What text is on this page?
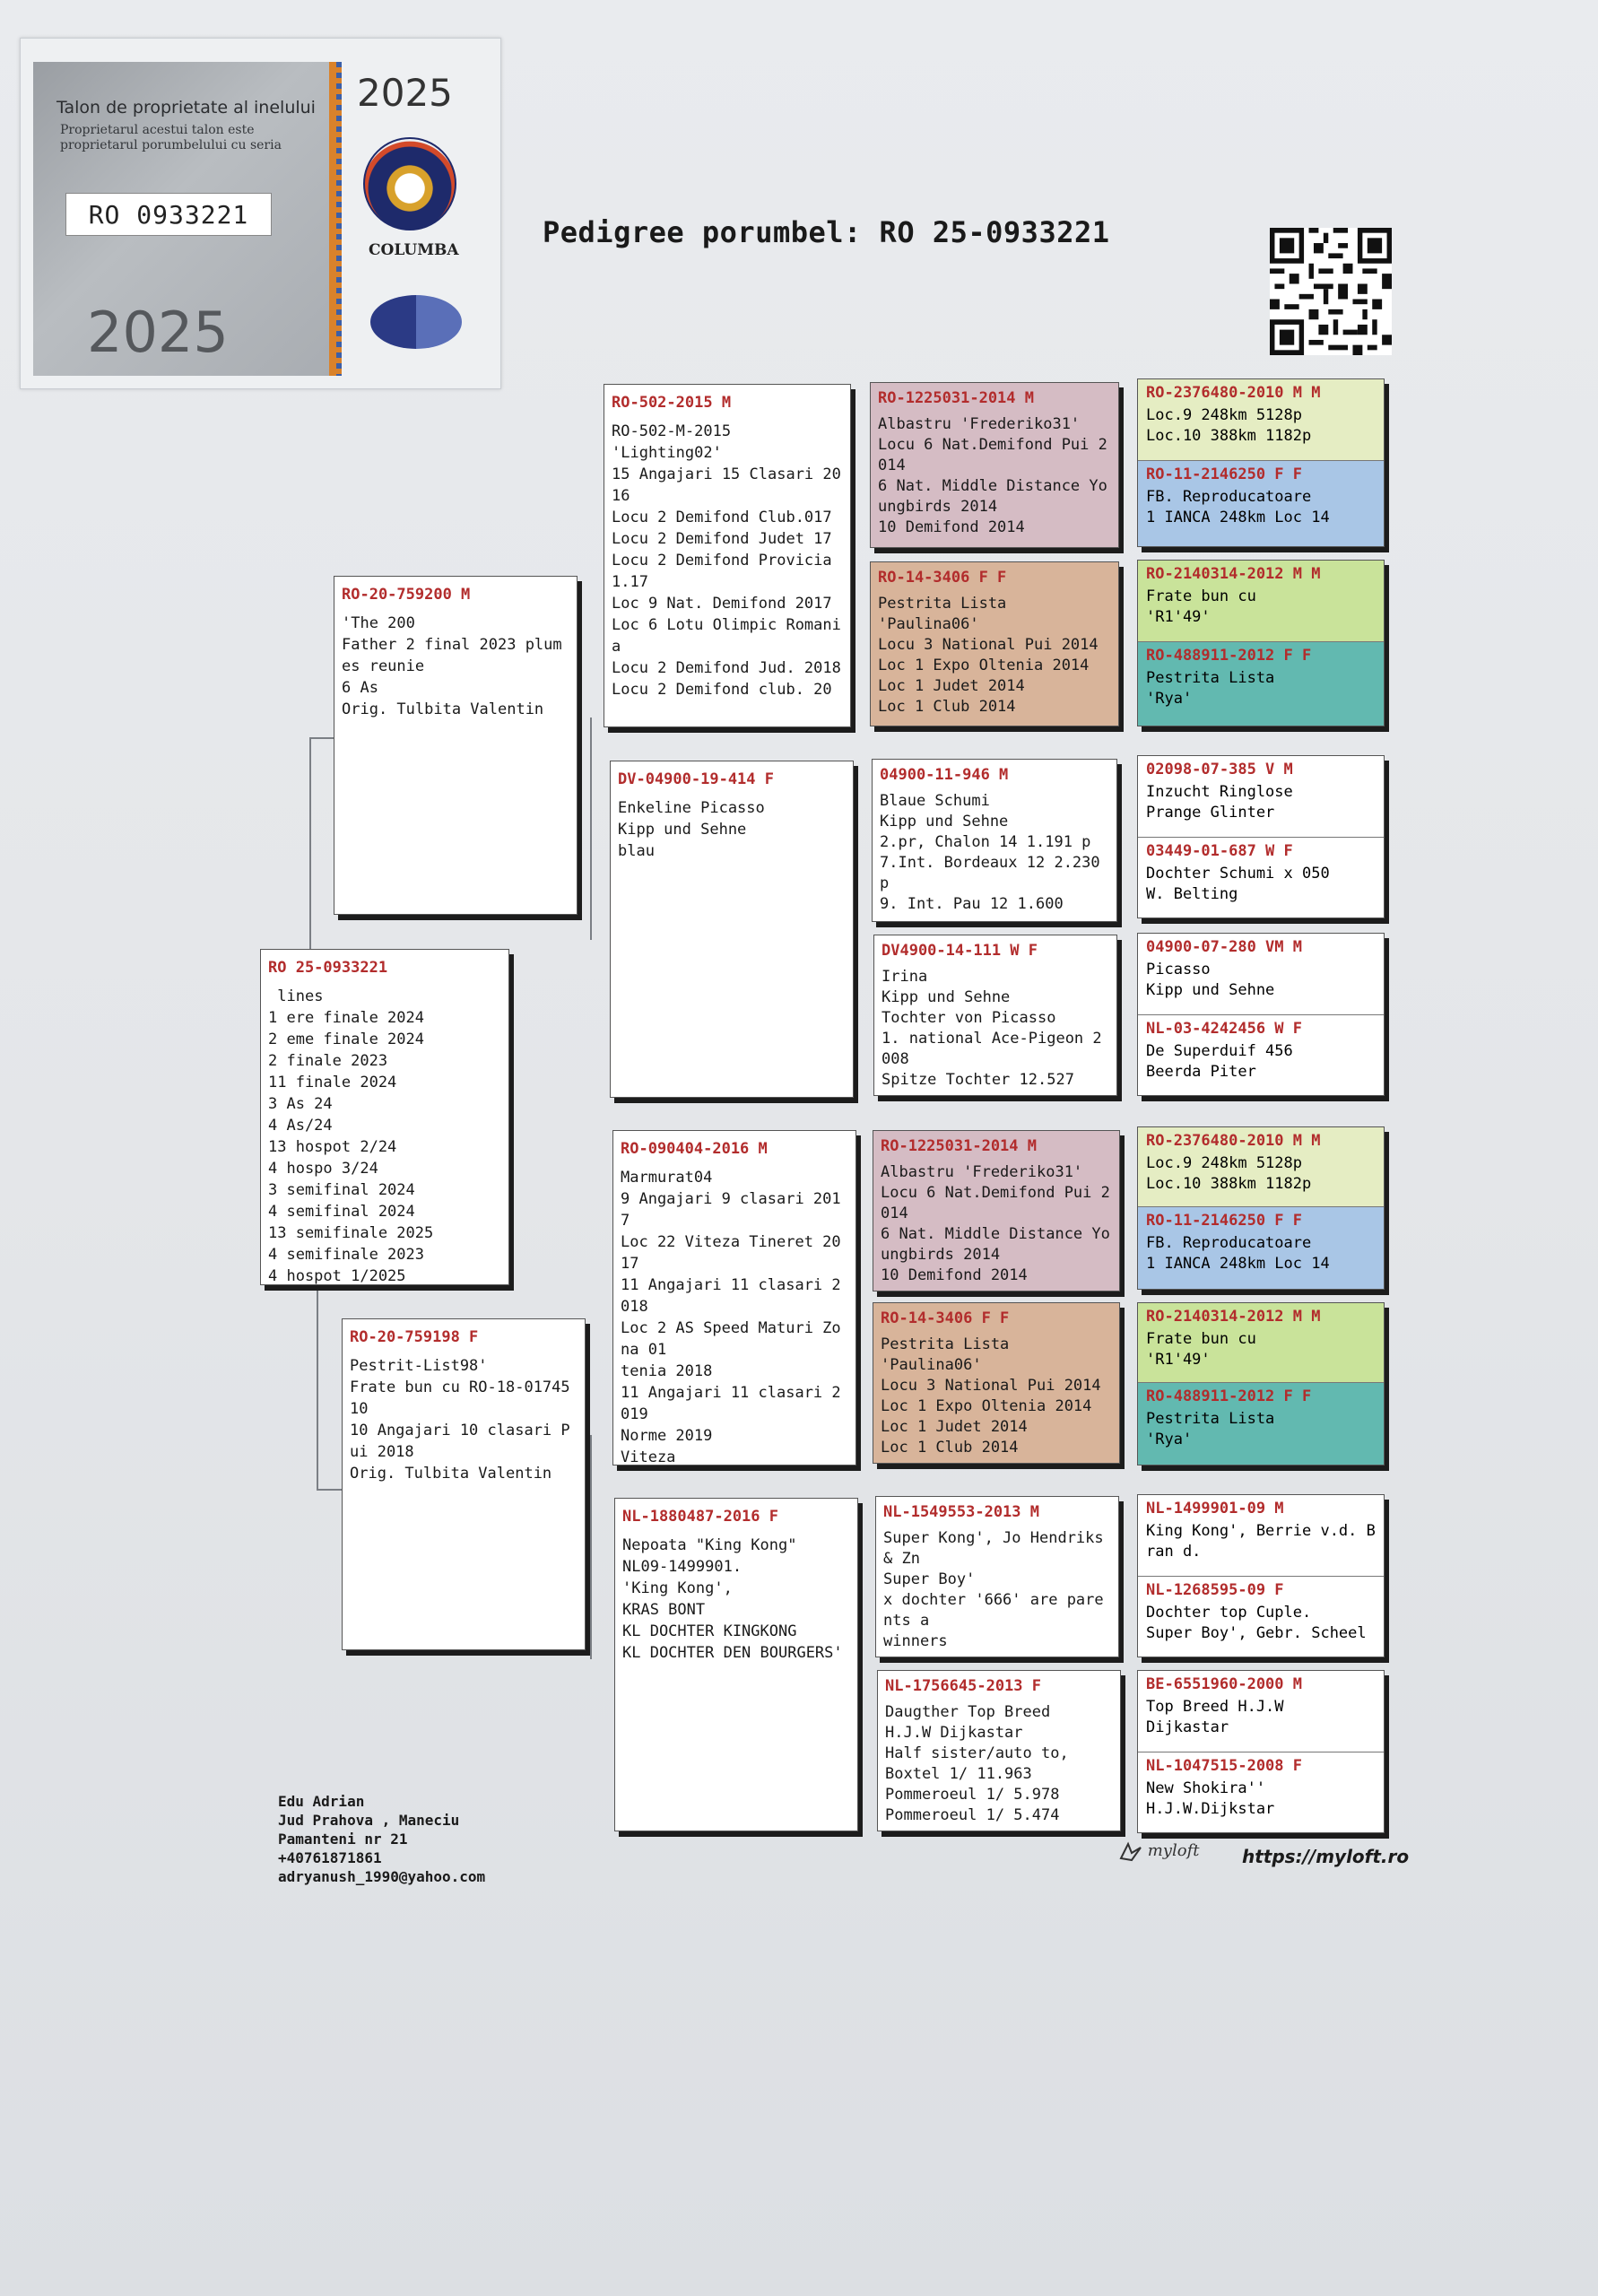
Talon de proprietate al inelului
Proprietarul acestui talon este proprietarul porumbelului cu seria
RO 0933221
2025
2025
COLUMBA
Pedigree porumbel: RO 25-0933221
RO 25-0933221
lines
1 ere finale 2024
2 eme finale 2024
2 finale 2023
11 finale 2024
3 As 24
4 As/24
13 hospot 2/24
4 hospo 3/24
3 semifinal 2024
4 semifinal 2024
13 semifinale 2025
4 semifinale 2023
4 hospot 1/2025
RO-20-759200 M
'The 200
Father 2 final 2023 plumes reunie
6 As
Orig. Tulbita Valentin
RO-20-759198 F
Pestrit-List98'
Frate bun cu RO-18-0174510
10 Angajari 10 clasari Pui 2018
Orig. Tulbita Valentin
RO-502-2015 M
RO-502-M-2015
'Lighting02'
15 Angajari 15 Clasari 2016
Locu 2 Demifond Club.017
Locu 2 Demifond Judet 17
Locu 2 Demifond Provicia 1.17
Loc 9 Nat. Demifond 2017
Loc 6 Lotu Olimpic Romania
Locu 2 Demifond Jud. 2018
Locu 2 Demifond club. 20
DV-04900-19-414 F
Enkeline Picasso
Kipp und Sehne
blau
RO-090404-2016 M
Marmurat04
9 Angajari 9 clasari 2017
Loc 22 Viteza Tineret 2017
11 Angajari 11 clasari 2018
Loc 2 AS Speed Maturi Zona 01
tenia 2018
11 Angajari 11 clasari 2019
Norme 2019
Viteza
NL-1880487-2016 F
Nepoata "King Kong"
NL09-1499901.
'King Kong',
KRAS BONT
KL DOCHTER KINGKONG
KL DOCHTER DEN BOURGERS'
RO-1225031-2014 M
Albastru 'Frederiko31'
Locu 6 Nat.Demifond Pui 2014
6 Nat. Middle Distance Youngbirds 2014
10 Demifond 2014
RO-14-3406 F F
Pestrita Lista
'Paulina06'
Locu 3 National Pui 2014
Loc 1 Expo Oltenia 2014
Loc 1 Judet 2014
Loc 1 Club 2014
04900-11-946 M
Blaue Schumi
Kipp und Sehne
2.pr, Chalon 14 1.191 p
7.Int. Bordeaux 12 2.230 p
9. Int. Pau 12 1.600
DV4900-14-111 W F
Irina
Kipp und Sehne
Tochter von Picasso
1. national Ace-Pigeon 2008
Spitze Tochter 12.527
RO-1225031-2014 M
Albastru 'Frederiko31'
Locu 6 Nat.Demifond Pui 2014
6 Nat. Middle Distance Youngbirds 2014
10 Demifond 2014
RO-14-3406 F F
Pestrita Lista
'Paulina06'
Locu 3 National Pui 2014
Loc 1 Expo Oltenia 2014
Loc 1 Judet 2014
Loc 1 Club 2014
NL-1549553-2013 M
Super Kong', Jo Hendriks & Zn
Super Boy'
x dochter '666' are parents a
winners
NL-1756645-2013 F
Daugther Top Breed
H.J.W Dijkastar
Half sister/auto to,
Boxtel 1/ 11.963
Pommeroeul 1/ 5.978
Pommeroeul 1/ 5.474
RO-2376480-2010 M M
Loc.9 248km 5128p
Loc.10 388km 1182p
RO-11-2146250 F F
FB. Reproducatoare
1 IANCA 248km Loc 14
RO-2140314-2012 M M
Frate bun cu
'R1'49'
RO-488911-2012 F F
Pestrita Lista
'Rya'
02098-07-385 V M
Inzucht Ringlose
Prange Glinter
03449-01-687 W F
Dochter Schumi x 050
W. Belting
04900-07-280 VM M
Picasso
Kipp und Sehne
NL-03-4242456 W F
De Superduif 456
Beerda Piter
RO-2376480-2010 M M
Loc.9 248km 5128p
Loc.10 388km 1182p
RO-11-2146250 F F
FB. Reproducatoare
1 IANCA 248km Loc 14
RO-2140314-2012 M M
Frate bun cu
'R1'49'
RO-488911-2012 F F
Pestrita Lista
'Rya'
NL-1499901-09 M
King Kong', Berrie v.d. Bran d.
NL-1268595-09 F
Dochter top Cuple.
Super Boy', Gebr. Scheel
BE-6551960-2000 M
Top Breed H.J.W
Dijkastar
NL-1047515-2008 F
New Shokira''
H.J.W.Dijkstar
Edu Adrian
Jud Prahova , Maneciu
Pamanteni nr 21
+40761871861
adryanush_1990@yahoo.com
myloft https://myloft.ro
